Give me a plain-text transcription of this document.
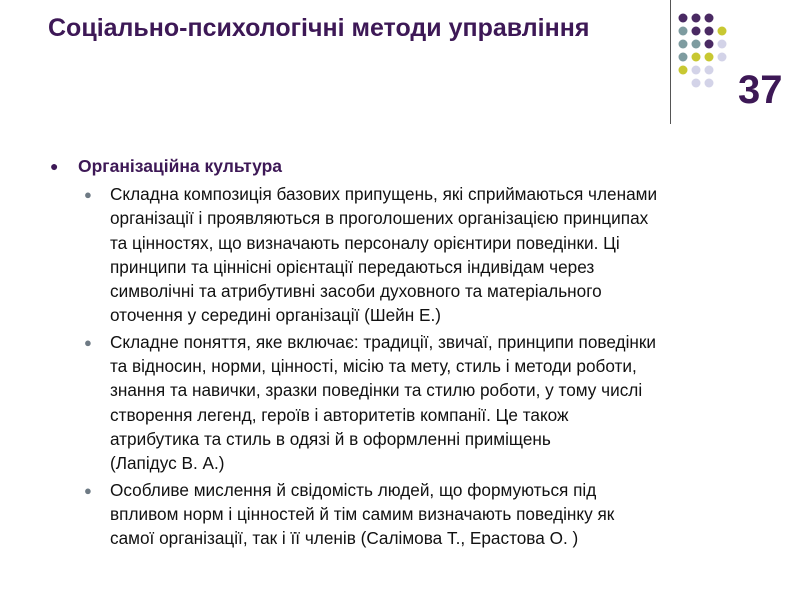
Соціально-психологічні методи управління
37
● Організаційна культура
● Складна композиція базових припущень, які сприймаються членами
організації і проявляються в проголошених організацією принципах
та цінностях, що визначають персоналу орієнтири поведінки. Ці
принципи та ціннісні орієнтації передаються індивідам через
символічні та атрибутивні засоби духовного та матеріального
оточення у середині організації (Шейн Е.)
● Складне поняття, яке включає: традиції, звичаї, принципи поведінки
та відносин, норми, цінності, місію та мету, стиль і методи роботи,
знання та навички, зразки поведінки та стилю роботи, у тому числі
створення легенд, героїв і авторитетів компанії. Це також
атрибутика та стиль в одязі й в оформленні приміщень
(Лапідус В. А.)
● Особливе мислення й свідомість людей, що формуються під
впливом норм і цінностей й тім самим визначають поведінку як
самої організації, так і її членів (Салімова Т., Ерастова О. )
